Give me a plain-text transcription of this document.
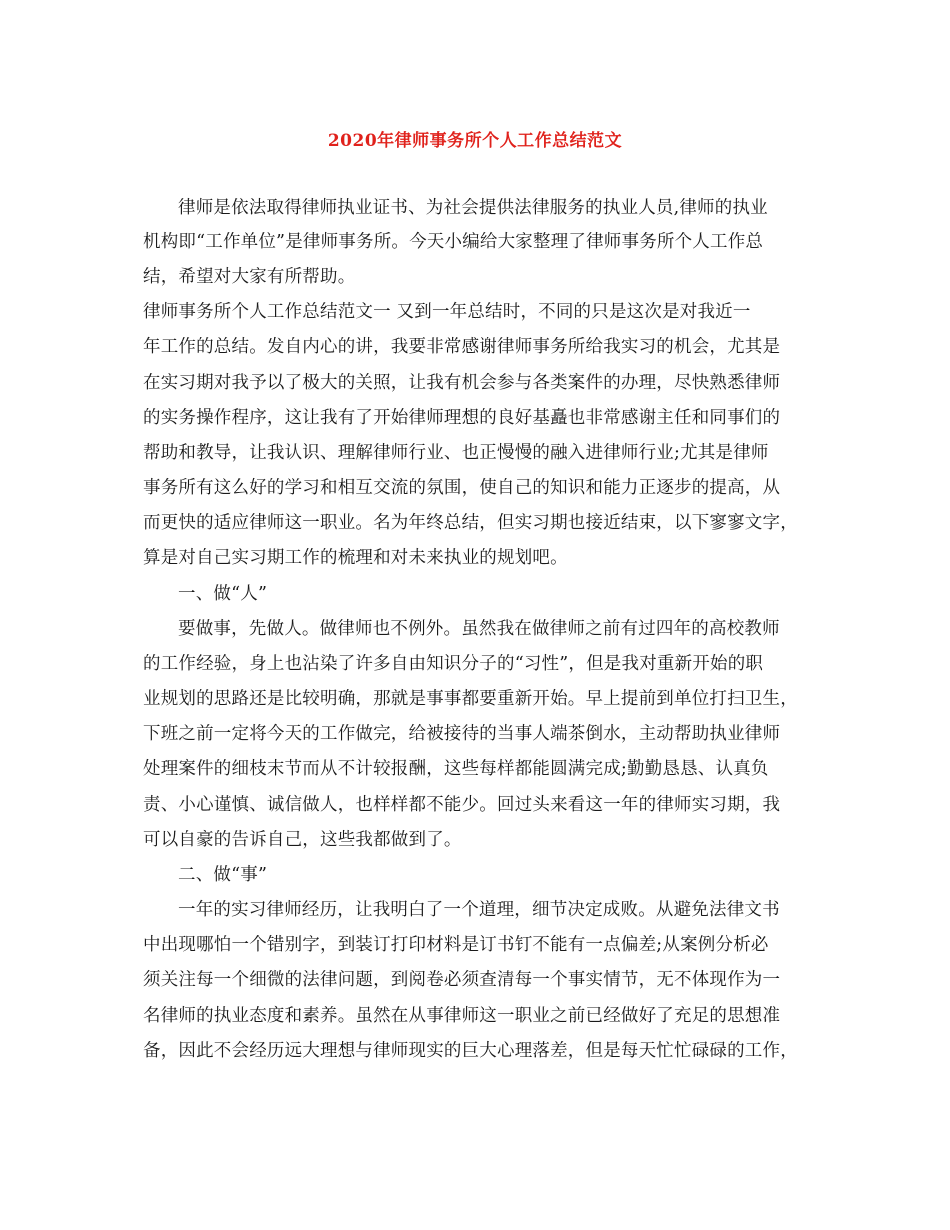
2020年律师事务所个人工作总结范文
律师是依法取得律师执业证书、为社会提供法律服务的执业人员,律师的执业
机构即“工作单位”是律师事务所。今天小编给大家整理了律师事务所个人工作总
结，希望对大家有所帮助。
律师事务所个人工作总结范文一 又到一年总结时，不同的只是这次是对我近一
年工作的总结。发自内心的讲，我要非常感谢律师事务所给我实习的机会，尤其是
在实习期对我予以了极大的关照，让我有机会参与各类案件的办理，尽快熟悉律师
的实务操作程序，这让我有了开始律师理想的良好基矗也非常感谢主任和同事们的
帮助和教导，让我认识、理解律师行业、也正慢慢的融入进律师行业;尤其是律师
事务所有这么好的学习和相互交流的氛围，使自己的知识和能力正逐步的提高，从
而更快的适应律师这一职业。名为年终总结，但实习期也接近结束，以下寥寥文字，
算是对自己实习期工作的梳理和对未来执业的规划吧。
一、做“人”
要做事，先做人。做律师也不例外。虽然我在做律师之前有过四年的高校教师
的工作经验，身上也沾染了许多自由知识分子的“习性”，但是我对重新开始的职
业规划的思路还是比较明确，那就是事事都要重新开始。早上提前到单位打扫卫生，
下班之前一定将今天的工作做完，给被接待的当事人端茶倒水，主动帮助执业律师
处理案件的细枝末节而从不计较报酬，这些每样都能圆满完成;勤勤恳恳、认真负
责、小心谨慎、诚信做人，也样样都不能少。回过头来看这一年的律师实习期，我
可以自豪的告诉自己，这些我都做到了。
二、做“事”
一年的实习律师经历，让我明白了一个道理，细节决定成败。从避免法律文书
中出现哪怕一个错别字，到装订打印材料是订书钉不能有一点偏差;从案例分析必
须关注每一个细微的法律问题，到阅卷必须查清每一个事实情节，无不体现作为一
名律师的执业态度和素养。虽然在从事律师这一职业之前已经做好了充足的思想准
备，因此不会经历远大理想与律师现实的巨大心理落差，但是每天忙忙碌碌的工作，
